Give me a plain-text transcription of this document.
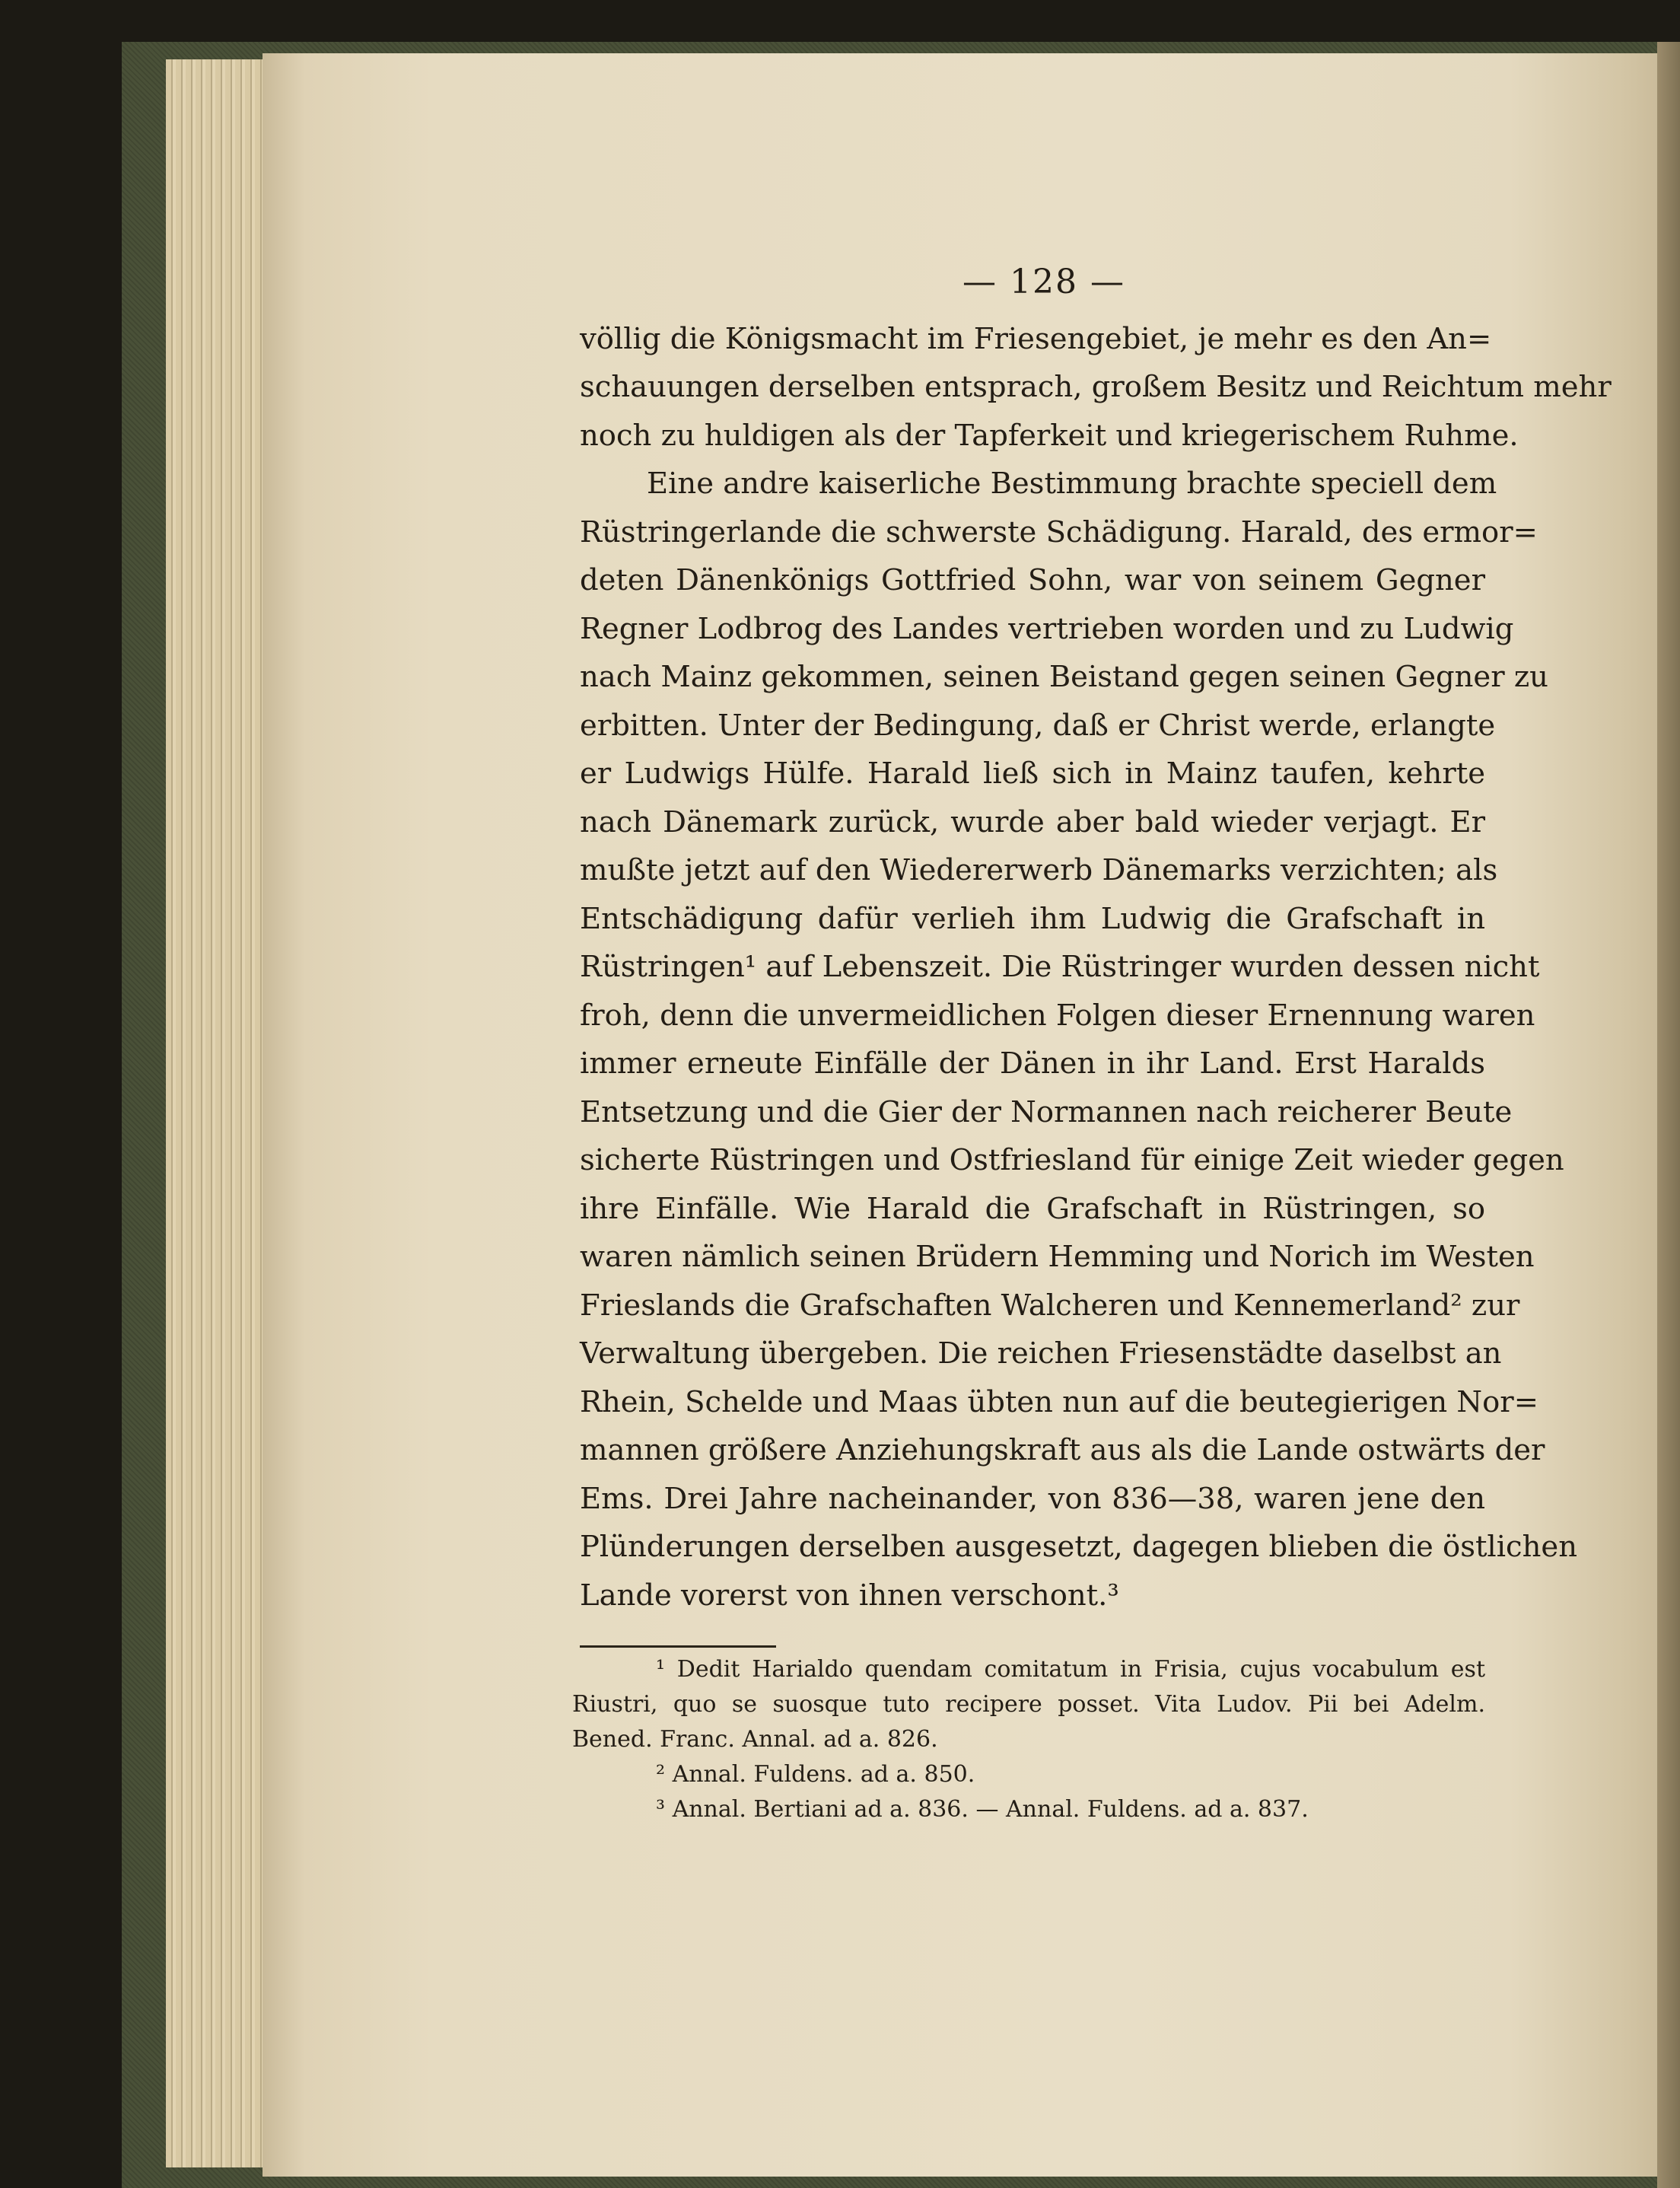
— 128 —
völlig die Königsmacht im Friesengebiet, je mehr es den An=
schauungen derselben entsprach, großem Besitz und Reichtum mehr
noch zu huldigen als der Tapferkeit und kriegerischem Ruhme.
Eine andre kaiserliche Bestimmung brachte speciell dem
Rüstringerlande die schwerste Schädigung. Harald, des ermor=
deten Dänenkönigs Gottfried Sohn, war von seinem Gegner
Regner Lodbrog des Landes vertrieben worden und zu Ludwig
nach Mainz gekommen, seinen Beistand gegen seinen Gegner zu
erbitten. Unter der Bedingung, daß er Christ werde, erlangte
er Ludwigs Hülfe. Harald ließ sich in Mainz taufen, kehrte
nach Dänemark zurück, wurde aber bald wieder verjagt. Er
mußte jetzt auf den Wiedererwerb Dänemarks verzichten; als
Entschädigung dafür verlieh ihm Ludwig die Grafschaft in
Rüstringen¹ auf Lebenszeit. Die Rüstringer wurden dessen nicht
froh, denn die unvermeidlichen Folgen dieser Ernennung waren
immer erneute Einfälle der Dänen in ihr Land. Erst Haralds
Entsetzung und die Gier der Normannen nach reicherer Beute
sicherte Rüstringen und Ostfriesland für einige Zeit wieder gegen
ihre Einfälle. Wie Harald die Grafschaft in Rüstringen, so
waren nämlich seinen Brüdern Hemming und Norich im Westen
Frieslands die Grafschaften Walcheren und Kennemerland² zur
Verwaltung übergeben. Die reichen Friesenstädte daselbst an
Rhein, Schelde und Maas übten nun auf die beutegierigen Nor=
mannen größere Anziehungskraft aus als die Lande ostwärts der
Ems. Drei Jahre nacheinander, von 836—38, waren jene den
Plünderungen derselben ausgesetzt, dagegen blieben die östlichen
Lande vorerst von ihnen verschont.³
¹ Dedit Harialdo quendam comitatum in Frisia, cujus vocabulum est
Riustri, quo se suosque tuto recipere posset. Vita Ludov. Pii bei Adelm.
Bened. Franc. Annal. ad a. 826.
² Annal. Fuldens. ad a. 850.
³ Annal. Bertiani ad a. 836. — Annal. Fuldens. ad a. 837.
